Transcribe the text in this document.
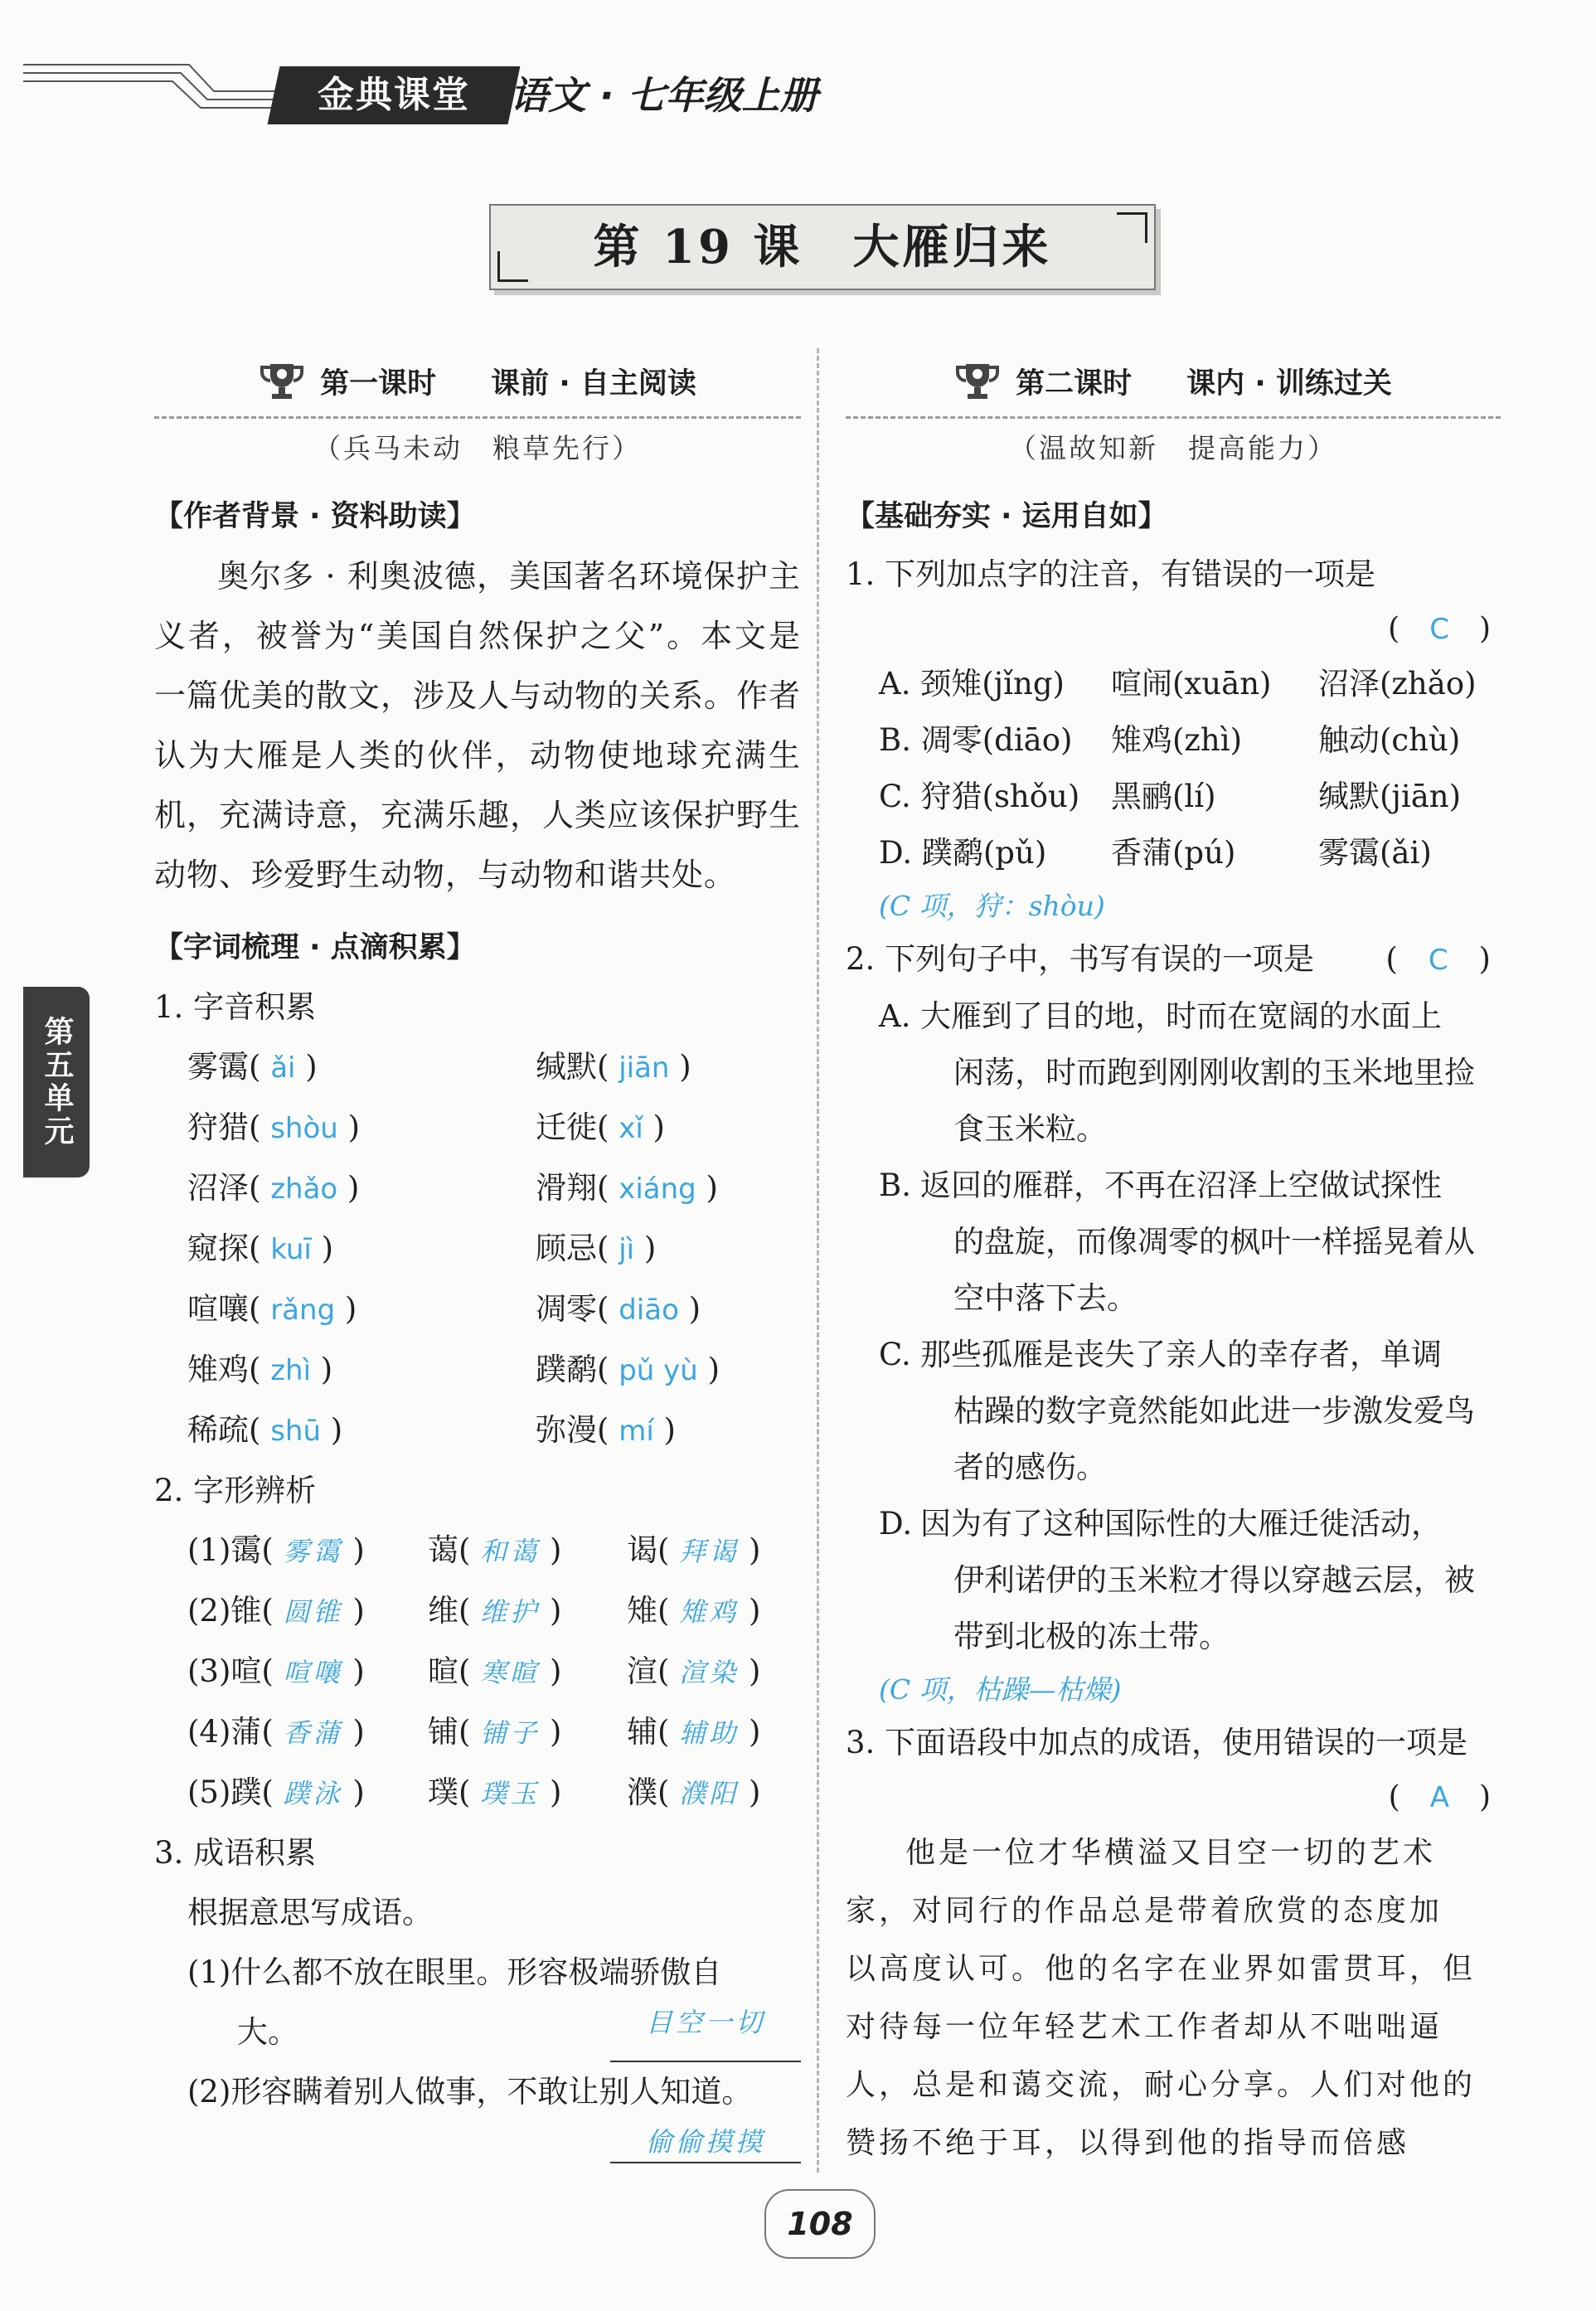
金典课堂	语文 · 七年级上册
第 19 课　大雁归来
第一课时 课前 · 自主阅读
（兵马未动　粮草先行）
【作者背景 · 资料助读】
奥尔多 · 利奥波德，美国著名环境保护主义者，被誉为“美国自然保护之父”。本文是一篇优美的散文，涉及人与动物的关系。作者认为大雁是人类的伙伴，动物使地球充满生机，充满诗意，充满乐趣，人类应该保护野生动物、珍爱野生动物，与动物和谐共处。
【字词梳理 · 点滴积累】
1. 字音积累
雾霭( ǎi )	缄默( jiān )
狩猎( shòu )	迁徙( xǐ )
沼泽( zhǎo )	滑翔( xiáng )
窥探( kuī )	顾忌( jì )
喧嚷( rǎng )	凋零( diāo )
雉鸡( zhì )	蹼鹬( pǔ yù )
稀疏( shū )	弥漫( mí )
2. 字形辨析
(1)霭( 雾霭 )	蔼( 和蔼 )	谒( 拜谒 )
(2)锥( 圆锥 )	维( 维护 )	雉( 雉鸡 )
(3)喧( 喧嚷 )	暄( 寒暄 )	渲( 渲染 )
(4)蒲( 香蒲 )	铺( 铺子 )	辅( 辅助 )
(5)蹼( 蹼泳 )	璞( 璞玉 )	濮( 濮阳 )
3. 成语积累
根据意思写成语。
(1)什么都不放在眼里。形容极端骄傲自
大。	目空一切
(2)形容瞒着别人做事，不敢让别人知道。
偷偷摸摸
第二课时 课内 · 训练过关
（温故知新　提高能力）
【基础夯实 · 运用自如】
1. 下列加点字的注音，有错误的一项是
(　C　)
A. 颈雉(jǐng)	喧闹(xuān)	沼泽(zhǎo)
B. 凋零(diāo)	雉鸡(zhì)	触动(chù)
C. 狩猎(shǒu)	黑鹂(lí)	缄默(jiān)
D. 蹼鹬(pǔ)	香蒲(pú)	雾霭(ǎi)
(C 项，狩：shòu)
2. 下列句子中，书写有误的一项是 (　C　)
A. 大雁到了目的地，时而在宽阔的水面上
闲荡，时而跑到刚刚收割的玉米地里捡
食玉米粒。
B. 返回的雁群，不再在沼泽上空做试探性
的盘旋，而像凋零的枫叶一样摇晃着从
空中落下去。
C. 那些孤雁是丧失了亲人的幸存者，单调
枯躁的数字竟然能如此进一步激发爱鸟
者的感伤。
D. 因为有了这种国际性的大雁迁徙活动，
伊利诺伊的玉米粒才得以穿越云层，被
带到北极的冻土带。
(C 项，枯躁—枯燥)
3. 下面语段中加点的成语，使用错误的一项是
(　A　)
他是一位才华横溢又目空一切的艺术
家，对同行的作品总是带着欣赏的态度加
以高度认可。他的名字在业界如雷贯耳，但
对待每一位年轻艺术工作者却从不咄咄逼
人，总是和蔼交流，耐心分享。人们对他的
赞扬不绝于耳，以得到他的指导而倍感
第五单元
108
